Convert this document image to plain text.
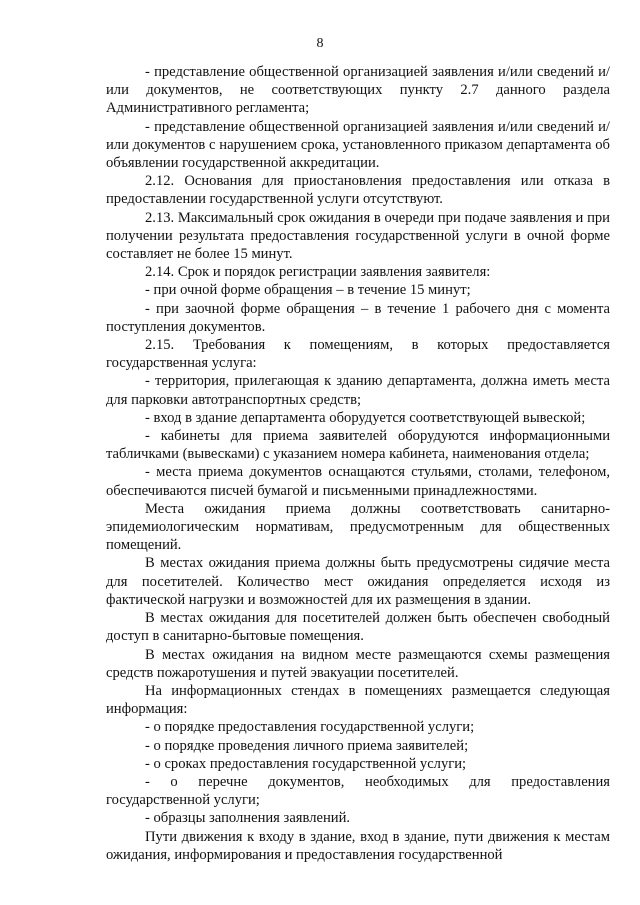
8

- представление общественной организацией заявления и/или сведений и/или документов, не соответствующих пункту 2.7 данного раздела Административного регламента;

- представление общественной организацией заявления и/или сведений и/или документов с нарушением срока, установленного приказом департамента об объявлении государственной аккредитации.

2.12. Основания для приостановления предоставления или отказа в предоставлении государственной услуги отсутствуют.

2.13. Максимальный срок ожидания в очереди при подаче заявления и при получении результата предоставления государственной услуги в очной форме составляет не более 15 минут.

2.14. Срок и порядок регистрации заявления заявителя:

- при очной форме обращения – в течение 15 минут;

- при заочной форме обращения – в течение 1 рабочего дня с момента поступления документов.

2.15. Требования к помещениям, в которых предоставляется государственная услуга:

- территория, прилегающая к зданию департамента, должна иметь места для парковки автотранспортных средств;

- вход в здание департамента оборудуется соответствующей вывеской;

- кабинеты для приема заявителей оборудуются информационными табличками (вывесками) с указанием номера кабинета, наименования отдела;

- места приема документов оснащаются стульями, столами, телефоном, обеспечиваются писчей бумагой и письменными принадлежностями.

Места ожидания приема должны соответствовать санитарно-эпидемиологическим нормативам, предусмотренным для общественных помещений.

В местах ожидания приема должны быть предусмотрены сидячие места для посетителей. Количество мест ожидания определяется исходя из фактической нагрузки и возможностей для их размещения в здании.

В местах ожидания для посетителей должен быть обеспечен свободный доступ в санитарно-бытовые помещения.

В местах ожидания на видном месте размещаются схемы размещения средств пожаротушения и путей эвакуации посетителей.

На информационных стендах в помещениях размещается следующая информация:

- о порядке предоставления государственной услуги;

- о порядке проведения личного приема заявителей;

- о сроках предоставления государственной услуги;

- о перечне документов, необходимых для предоставления государственной услуги;

- образцы заполнения заявлений.

Пути движения к входу в здание, вход в здание, пути движения к местам ожидания, информирования и предоставления государственной
